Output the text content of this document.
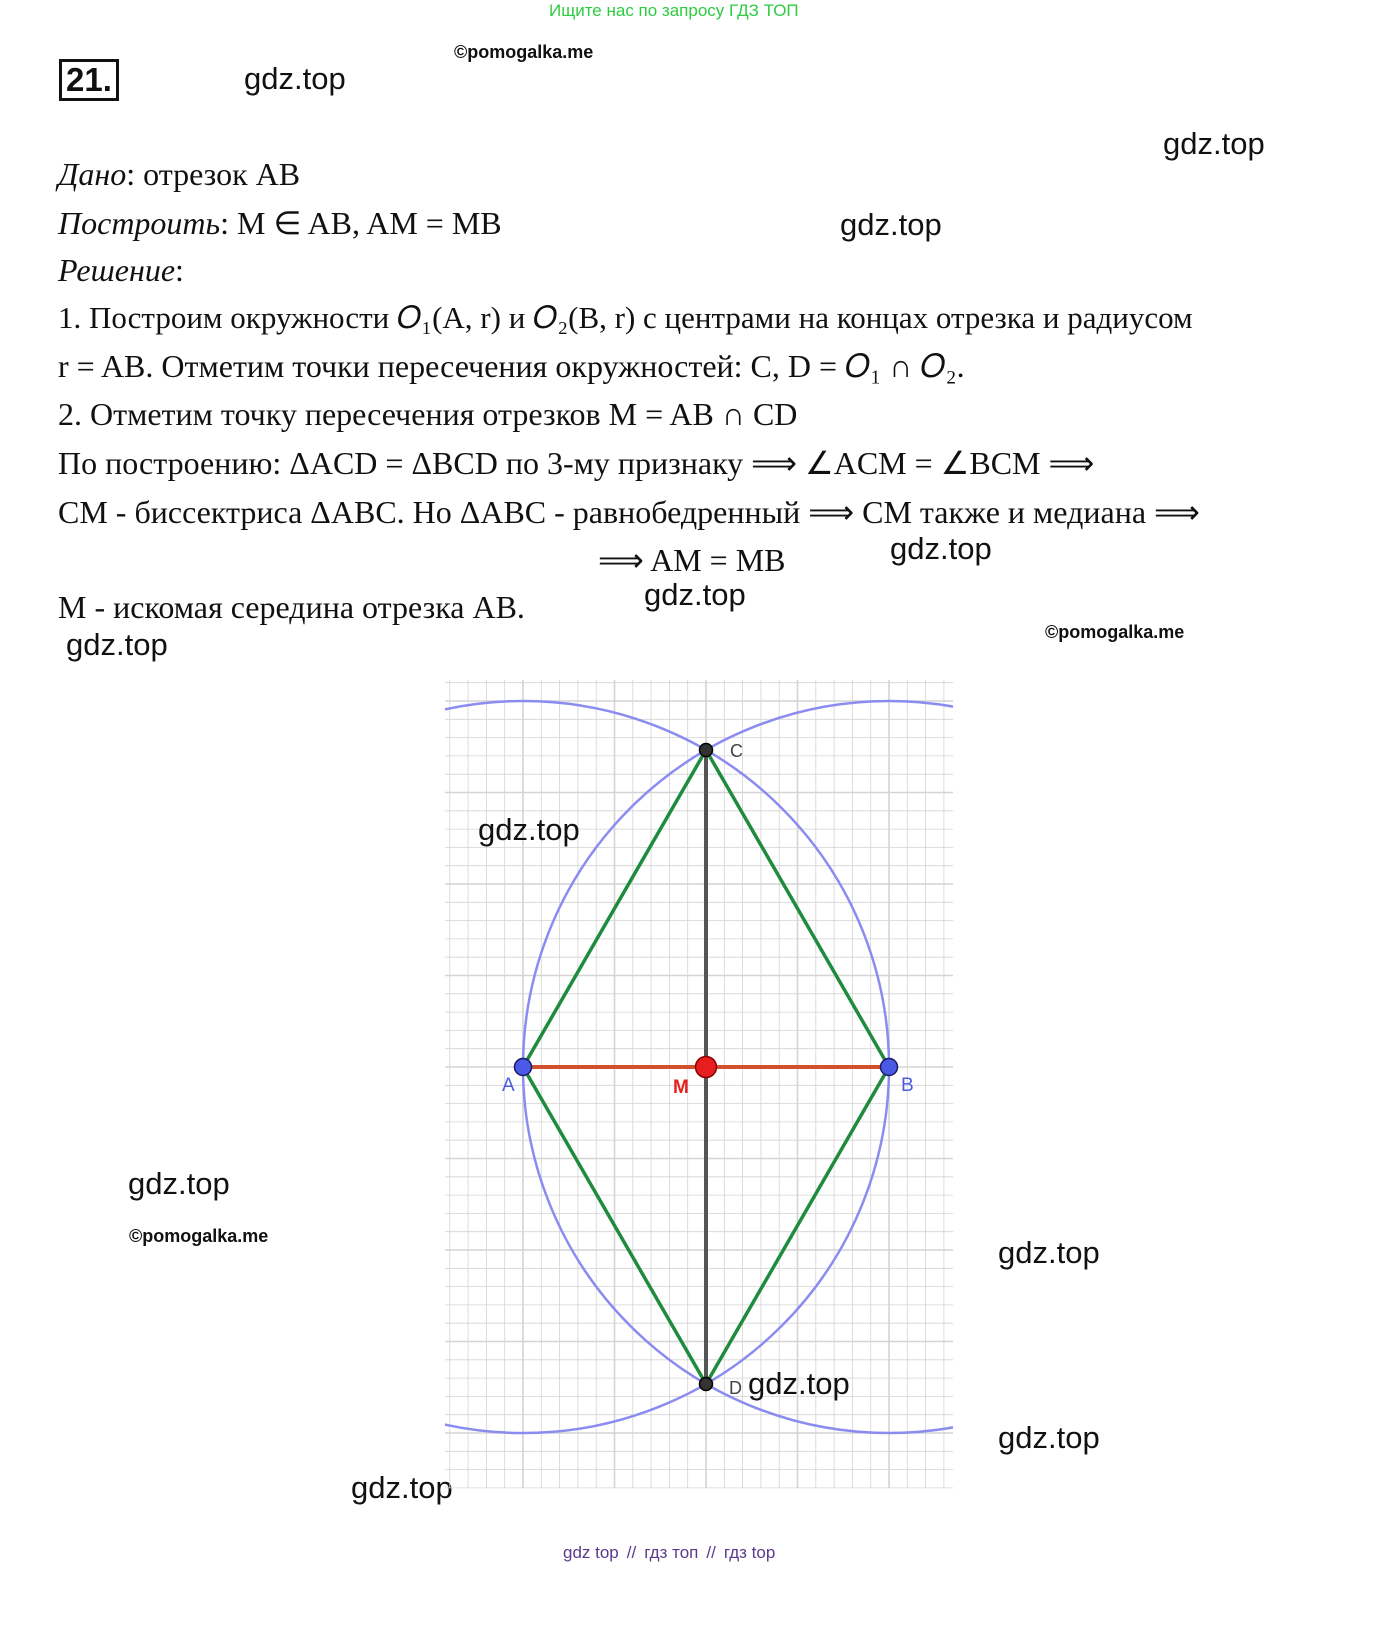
Ищите нас по запросу ГДЗ ТОП
21.	gdz.top
©pomogalka.me
gdz.top
gdz.top
gdz.top
gdz.top
©pomogalka.me
gdz.top
gdz.top
©pomogalka.me	gdz.top
gdz.top
gdz.top
Дано: отрезок AB
Построить: M ∈ AB, AM = MB
Решение:
1. Построим окружности 𝑂₁(A, r) и 𝑂₂(B, r) с центрами на концах отрезка и радиусом
r = AB. Отметим точки пересечения окружностей: C, D = 𝑂₁ ∩ 𝑂₂.
2. Отметим точку пересечения отрезков M = AB ∩ CD
По построению: ΔACD = ΔBCD по 3-му признаку ⟹ ∠ACM = ∠BCM ⟹
CM - биссектриса ΔABC. Но ΔABC - равнобедренный ⟹ CM также и медиана ⟹
⟹ AM = MB
M - искомая середина отрезка AB.
C
D
A	B
M
gdz.top
gdz.top
gdz top // гдз топ // гдз top
